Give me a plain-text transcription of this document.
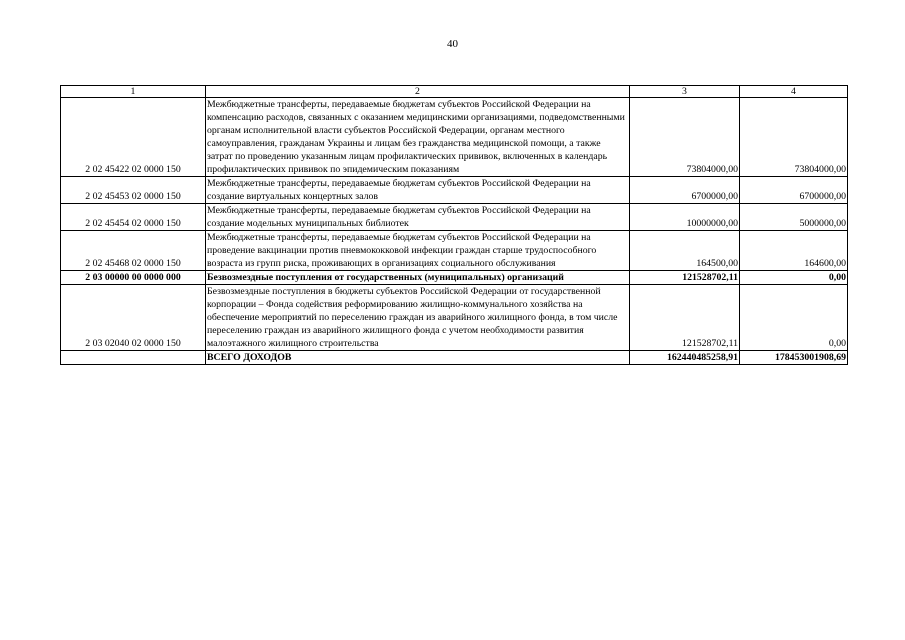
40
1	2	3	4
2 02 45422 02 0000 150	Межбюджетные трансферты, передаваемые бюджетам субъектов Российской Федерации на компенсацию расходов, связанных с оказанием медицинскими организациями, подведомственными органам исполнительной власти субъектов Российской Федерации, органам местного самоуправления, гражданам Украины и лицам без гражданства медицинской помощи, а также затрат по проведению указанным лицам профилактических прививок, включенных в календарь профилактических прививок по эпидемическим показаниям	73804000,00	73804000,00
2 02 45453 02 0000 150	Межбюджетные трансферты, передаваемые бюджетам субъектов Российской Федерации на создание виртуальных концертных залов	6700000,00	6700000,00
2 02 45454 02 0000 150	Межбюджетные трансферты, передаваемые бюджетам субъектов Российской Федерации на создание модельных муниципальных библиотек	10000000,00	5000000,00
2 02 45468 02 0000 150	Межбюджетные трансферты, передаваемые бюджетам субъектов Российской Федерации на проведение вакцинации против пневмококковой инфекции граждан старше трудоспособного возраста из групп риска, проживающих в организациях социального обслуживания	164500,00	164600,00
2 03 00000 00 0000 000	Безвозмездные поступления от государственных (муниципальных) организаций	121528702,11	0,00
2 03 02040 02 0000 150	Безвозмездные поступления в бюджеты субъектов Российской Федерации от государственной корпорации – Фонда содействия реформированию жилищно-коммунального хозяйства на обеспечение мероприятий по переселению граждан из аварийного жилищного фонда, в том числе переселению граждан из аварийного жилищного фонда с учетом необходимости развития малоэтажного жилищного строительства	121528702,11	0,00
	ВСЕГО ДОХОДОВ	162440485258,91	178453001908,69
